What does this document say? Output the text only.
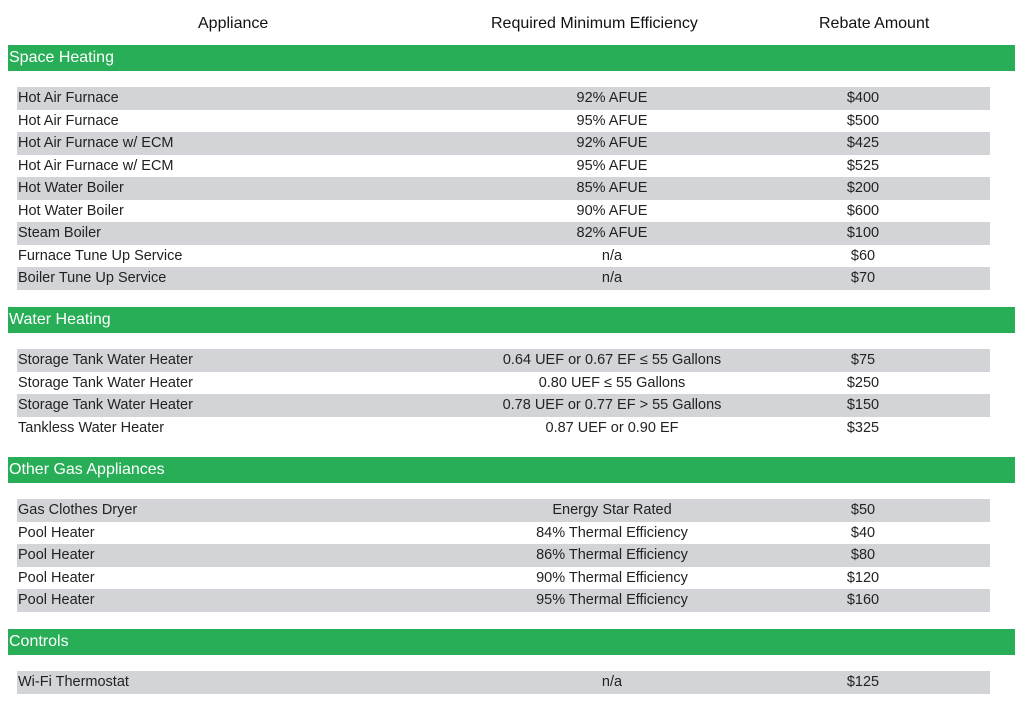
Appliance	Required Minimum Efficiency	Rebate Amount
Space Heating
Hot Air Furnace	92% AFUE	$400
Hot Air Furnace	95% AFUE	$500
Hot Air Furnace w/ ECM	92% AFUE	$425
Hot Air Furnace w/ ECM	95% AFUE	$525
Hot Water Boiler	85% AFUE	$200
Hot Water Boiler	90% AFUE	$600
Steam Boiler	82% AFUE	$100
Furnace Tune Up Service	n/a	$60
Boiler Tune Up Service	n/a	$70
Water Heating
Storage Tank Water Heater	0.64 UEF or 0.67 EF ≤ 55 Gallons	$75
Storage Tank Water Heater	0.80 UEF ≤ 55 Gallons	$250
Storage Tank Water Heater	0.78 UEF or 0.77 EF > 55 Gallons	$150
Tankless Water Heater	0.87 UEF or 0.90 EF	$325
Other Gas Appliances
Gas Clothes Dryer	Energy Star Rated	$50
Pool Heater	84% Thermal Efficiency	$40
Pool Heater	86% Thermal Efficiency	$80
Pool Heater	90% Thermal Efficiency	$120
Pool Heater	95% Thermal Efficiency	$160
Controls
Wi-Fi Thermostat	n/a	$125
